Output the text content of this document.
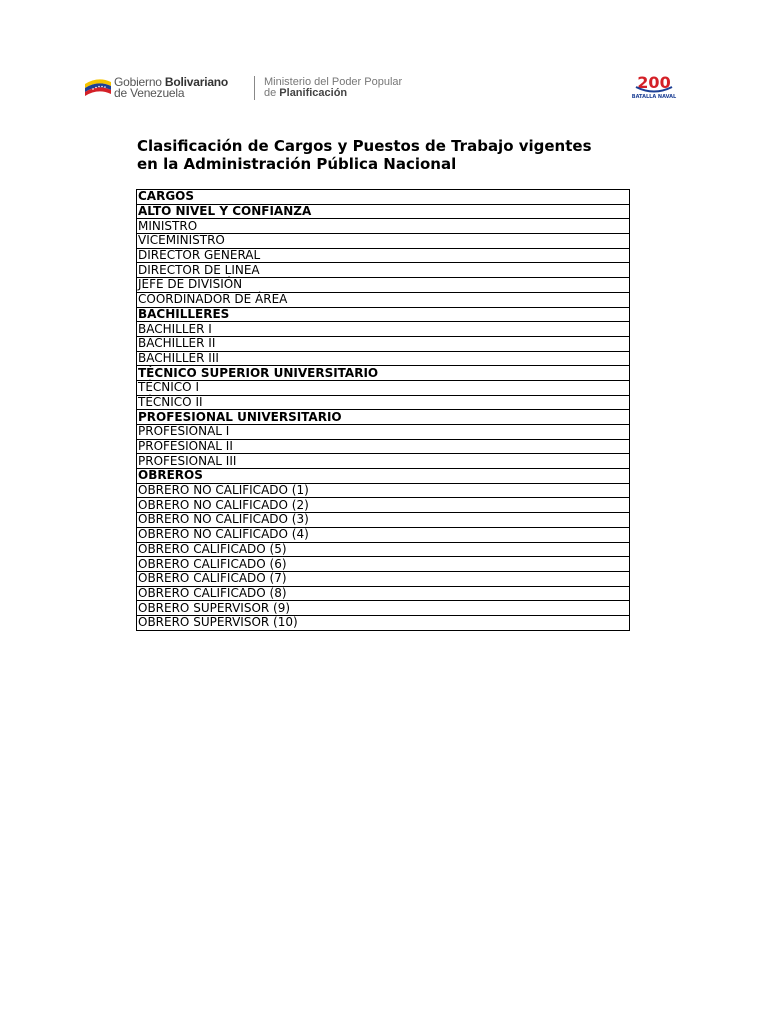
Gobierno Bolivariano
de Venezuela
Ministerio del Poder Popular
de Planificación
200
BATALLA NAVAL
Clasificación de Cargos y Puestos de Trabajo vigentes
en la Administración Pública Nacional
CARGOS
ALTO NIVEL Y CONFIANZA
MINISTRO
VICEMINISTRO
DIRECTOR GENERAL
DIRECTOR DE LINEA
JEFE DE DIVISIÓN
COORDINADOR DE ÁREA
BACHILLERES
BACHILLER I
BACHILLER II
BACHILLER III
TÉCNICO SUPERIOR UNIVERSITARIO
TÉCNICO I
TÉCNICO II
PROFESIONAL UNIVERSITARIO
PROFESIONAL I
PROFESIONAL II
PROFESIONAL III
OBREROS
OBRERO NO CALIFICADO (1)
OBRERO NO CALIFICADO (2)
OBRERO NO CALIFICADO (3)
OBRERO NO CALIFICADO (4)
OBRERO CALIFICADO (5)
OBRERO CALIFICADO (6)
OBRERO CALIFICADO (7)
OBRERO CALIFICADO (8)
OBRERO SUPERVISOR (9)
OBRERO SUPERVISOR (10)
